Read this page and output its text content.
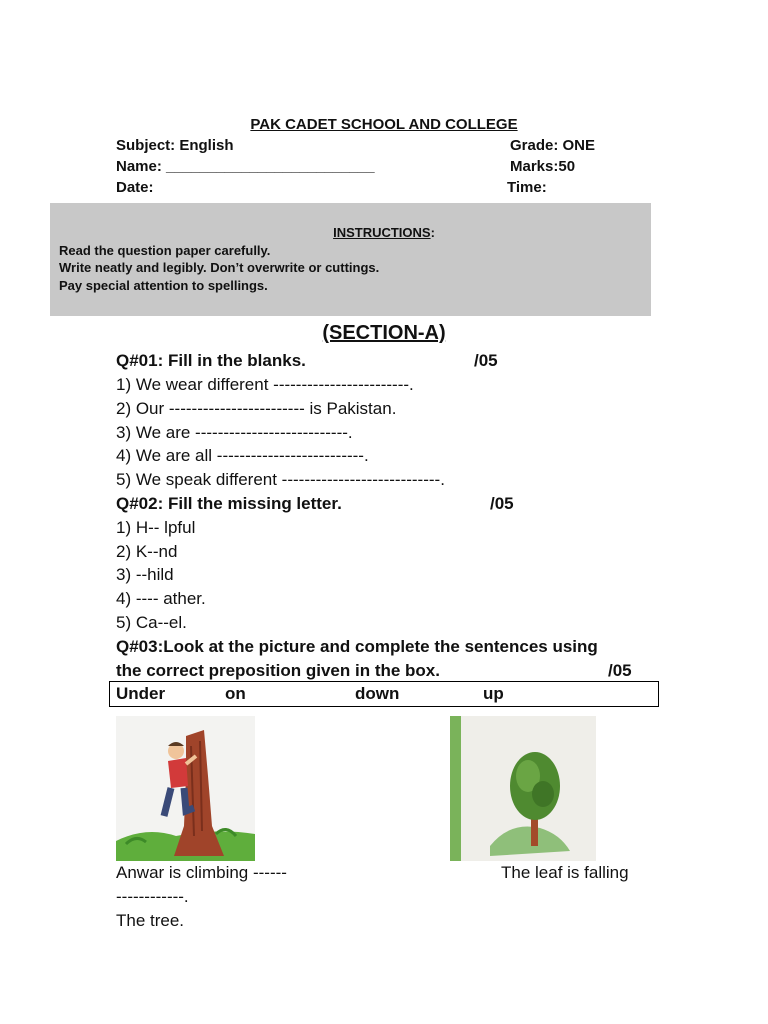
PAK CADET SCHOOL AND COLLEGE
Subject: English	Grade: ONE
Name: _________________________	Marks:50
Date:	Time:
INSTRUCTIONS:
Read the question paper carefully.
Write neatly and legibly. Don’t overwrite or cuttings.
Pay special attention to spellings.
(SECTION-A)
Q#01: Fill in the blanks.	/05
1) We wear different ------------------------.
2) Our ------------------------ is Pakistan.
3) We are ---------------------------.
4) We are all --------------------------.
5) We speak different ----------------------------.
Q#02: Fill the missing letter.	/05
1) H-- lpful
2) K--nd
3) --hild
4) ---- ather.
5) Ca--el.
Q#03:Look at the picture and complete the sentences using
the correct preposition given in the box.	/05
Under	on	down	up
Anwar is climbing ------
------------.
The tree.
The leaf is falling
